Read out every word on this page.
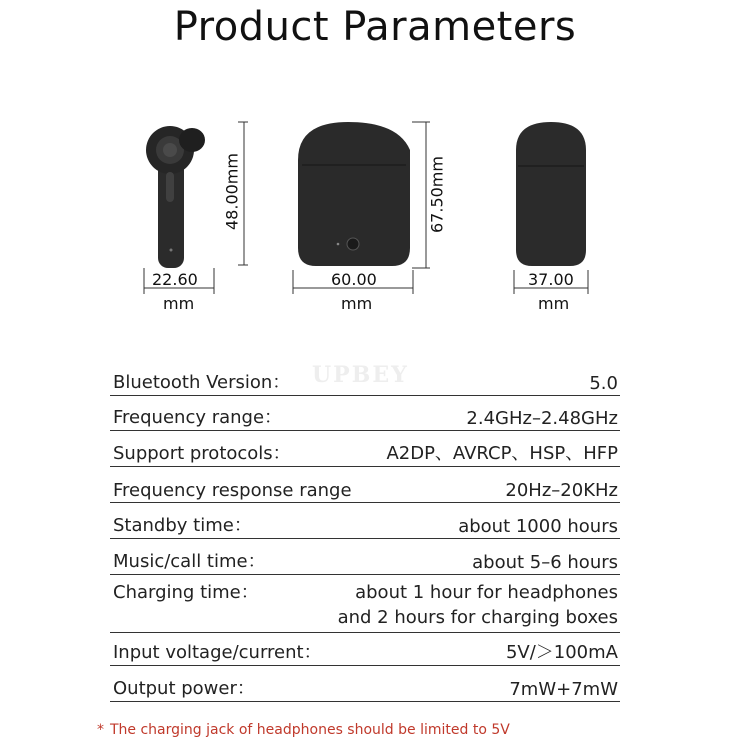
Product Parameters
48.00mm
22.60
mm
67.50mm
60.00
mm
37.00
mm
UPBEY
Bluetooth Version：	5.0
Frequency range：	2.4GHz–2.48GHz
Support protocols：	A2DP、AVRCP、HSP、HFP
Frequency response range	20Hz–20KHz
Standby time：	about 1000 hours
Music/call time：	about 5–6 hours
Charging time：	about 1 hour for headphones
and 2 hours for charging boxes
Input voltage/current：	5V/＞100mA
Output power：	7mW+7mW
* The charging jack of headphones should be limited to 5V
